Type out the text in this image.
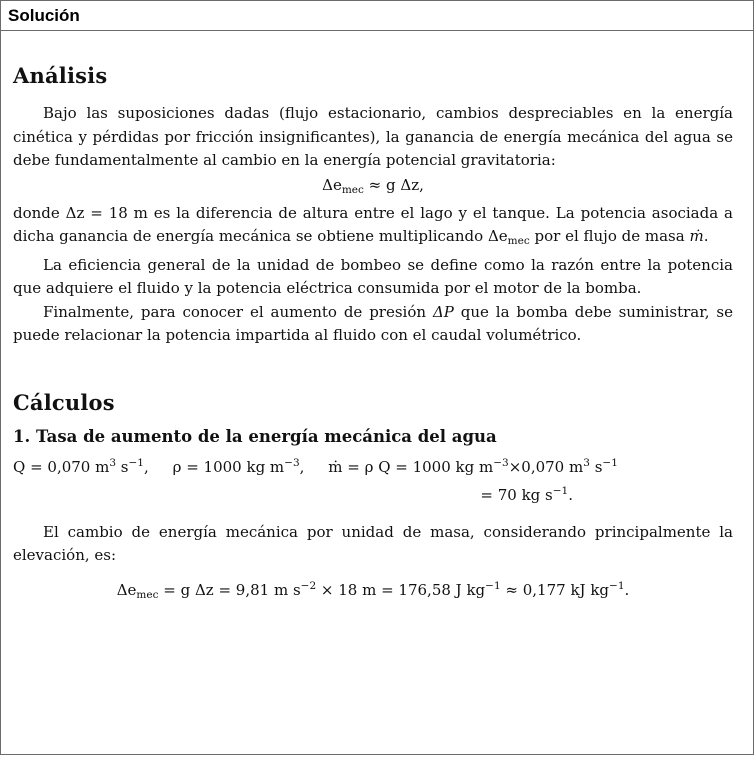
Solución
Análisis

Bajo las suposiciones dadas (flujo estacionario, cambios despreciables en la energía cinética y pérdidas por fricción insignificantes), la ganancia de energía mecánica del agua se debe fundamentalmente al cambio en la energía potencial gravitatoria:

$\Delta e_{mec} \approx g$ Δz,

donde Δz = 18 m es la diferencia de altura entre el lago y el tanque. La potencia asociada a dicha ganancia de energía mecánica se obtiene multiplicando $\Delta e_{mec}$ por el flujo de masa ṁ.

La eficiencia general de la unidad de bombeo se define como la razón entre la potencia que adquiere el fluido y la potencia eléctrica consumida por el motor de la bomba.

Finalmente, para conocer el aumento de presión ΔP que la bomba debe suministrar, se puede relacionar la potencia impartida al fluido con el caudal volumétrico.

Cálculos
1. Tasa de aumento de la energía mecánica del agua
Q = 0,070 $m^3$ $s^{-1}$, ρ = 1000 kg $m^{-3}$, ṁ = ρ Q = 1000 kg $m^{-3}\times 0,070$ $m^3$ $s^{-1}$
= 70 kg $s^{-1}$.

El cambio de energía mecánica por unidad de masa, considerando principalmente la elevación, es:

$\Delta e_{mec} = g$ Δz = 9,81 m $s^{-2} \times 18$ m = 176,58 J $kg^{-1} \approx 0,177$ kJ $kg^{-1}$.
